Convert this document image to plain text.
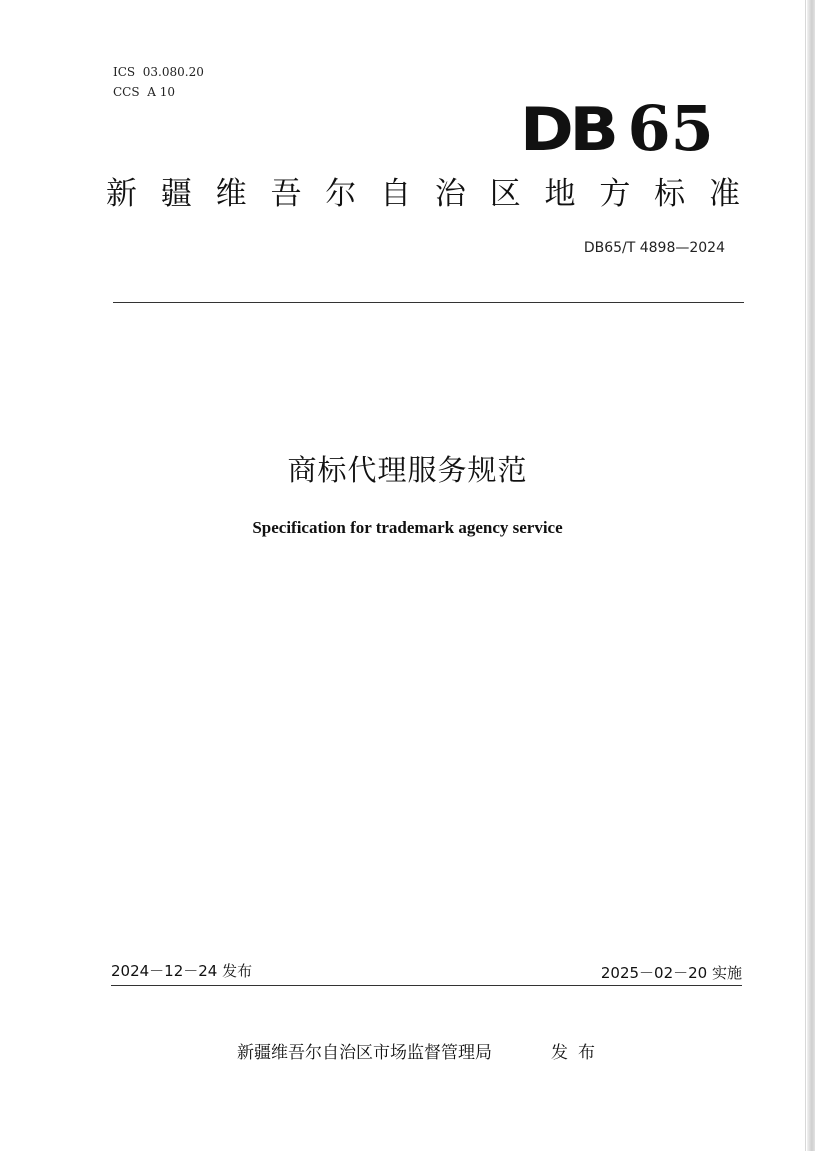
ICS  03.080.20
CCS  A 10
DB 65
新 疆 维 吾 尔 自 治 区 地 方 标 准
DB65/T 4898—2024
商标代理服务规范
Specification for trademark agency service
2024－12－24 发布	2025－02－20 实施
新疆维吾尔自治区市场监督管理局	发布
